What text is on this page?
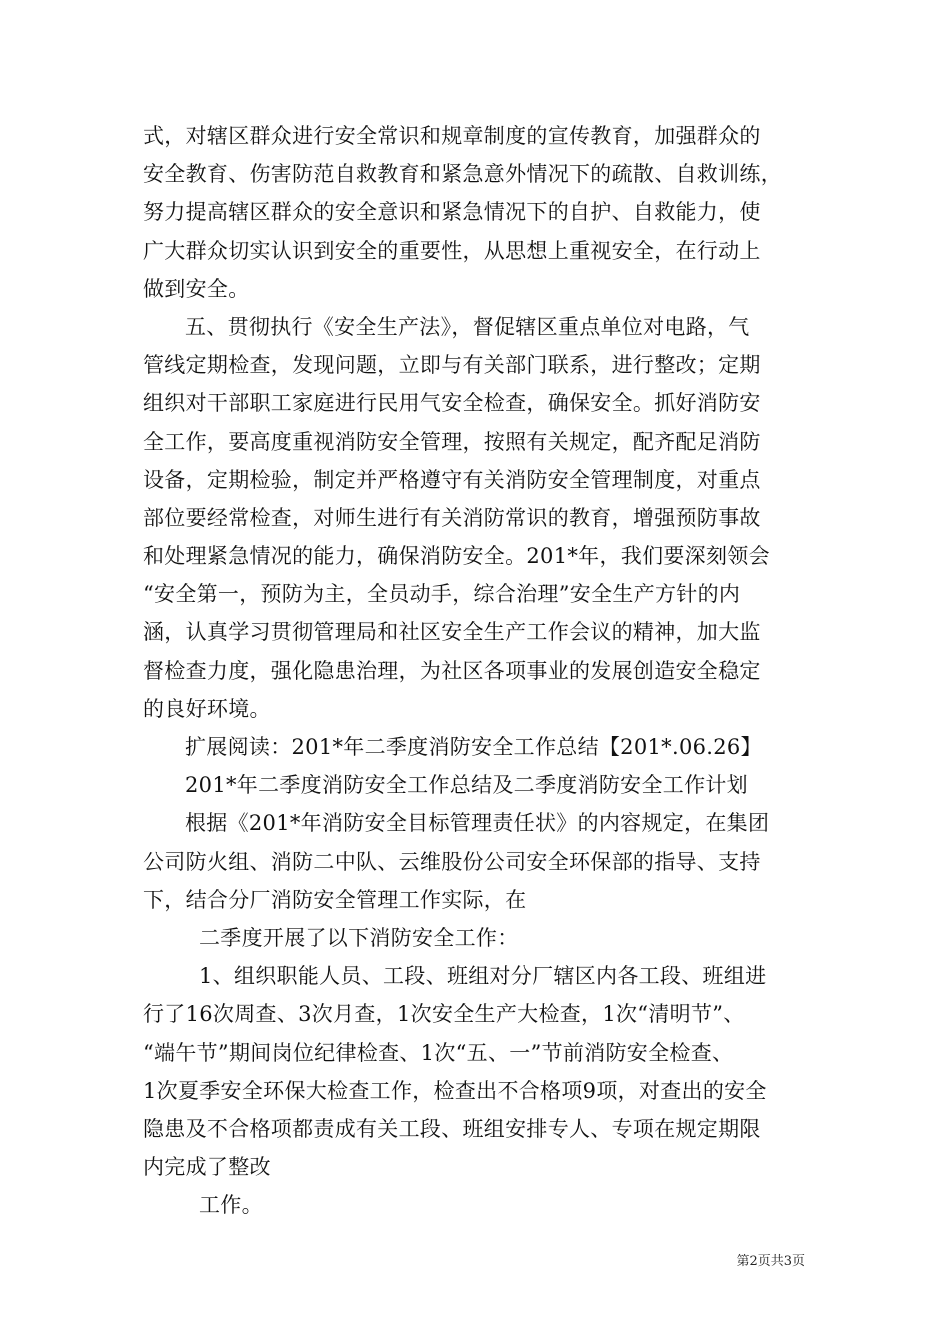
式，对辖区群众进行安全常识和规章制度的宣传教育，加强群众的
安全教育、伤害防范自救教育和紧急意外情况下的疏散、自救训练，
努力提高辖区群众的安全意识和紧急情况下的自护、自救能力，使
广大群众切实认识到安全的重要性，从思想上重视安全，在行动上
做到安全。
五、贯彻执行《安全生产法》，督促辖区重点单位对电路，气
管线定期检查，发现问题，立即与有关部门联系，进行整改；定期
组织对干部职工家庭进行民用气安全检查，确保安全。抓好消防安
全工作，要高度重视消防安全管理，按照有关规定，配齐配足消防
设备，定期检验，制定并严格遵守有关消防安全管理制度，对重点
部位要经常检查，对师生进行有关消防常识的教育，增强预防事故
和处理紧急情况的能力，确保消防安全。201*年，我们要深刻领会
“安全第一，预防为主，全员动手，综合治理”安全生产方针的内
涵，认真学习贯彻管理局和社区安全生产工作会议的精神，加大监
督检查力度，强化隐患治理，为社区各项事业的发展创造安全稳定
的良好环境。
扩展阅读：201*年二季度消防安全工作总结【201*.06.26】
201*年二季度消防安全工作总结及二季度消防安全工作计划
根据《201*年消防安全目标管理责任状》的内容规定，在集团
公司防火组、消防二中队、云维股份公司安全环保部的指导、支持
下，结合分厂消防安全管理工作实际，在
二季度开展了以下消防安全工作：
1、组织职能人员、工段、班组对分厂辖区内各工段、班组进
行了16次周查、3次月查，1次安全生产大检查，1次“清明节”、
“端午节”期间岗位纪律检查、1次“五、一”节前消防安全检查、
1次夏季安全环保大检查工作，检查出不合格项9项，对查出的安全
隐患及不合格项都责成有关工段、班组安排专人、专项在规定期限
内完成了整改
工作。
第2页共3页
